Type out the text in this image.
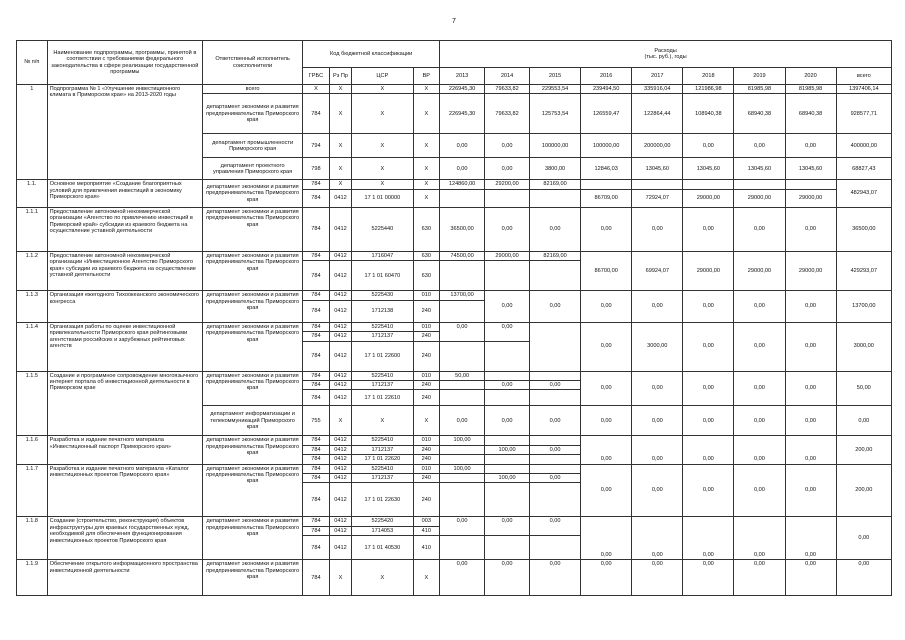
7
№ п/п	Наименование подпрограммы, программы, принятой в соответствии с требованиями федерального законодательства в сфере реализации государственной программы	Ответственный исполнитель соисполнители	Код бюджетной классификации				Расходы
(тыс. руб.), годы								
			ГРБС	Рз Пр	ЦСР	ВР	2013	2014	2015	2016	2017	2018	2019	2020	всего
1	Подпрограмма № 1 «Улучшение инвестиционного климата в Приморском крае» на 2013-2020 годы	всего	X	X	X	X	226945,30	79633,82	229553,54	239494,50	335916,04	121986,98	81985,98	81985,98	1397406,14
		департамент экономики и развития предпринимательства Приморского края	784	X	X	X	226945,30	79633,82	125753,54	126559,47	122864,44	108940,38	68940,38	68940,38	928577,71
		департамент промышленности Приморского края	794	X	X	X	0,00	0,00	100000,00	100000,00	200000,00	0,00	0,00	0,00	400000,00
		департамент проектного управления Приморского края	798	X	X	X	0,00	0,00	3800,00	12846,03	13045,60	13045,60	13045,60	13045,60	68827,43
1.1.	Основное мероприятие «Создание благоприятных условий для привлечения инвестиций в экономику Приморского края»	департамент экономики и развития предпринимательства Приморского края	784	X	X	X	124860,00	29200,00	82169,00						482943,07
			784	0412	17 1 01 00000	X				86709,00	72924,07	29000,00	29000,00	29000,00	
1.1.1	Предоставление автономной некоммерческой организации «Агентство по привлечению инвестиций в Приморский край» субсидии из краевого бюджета на осуществление уставной деятельности	департамент экономики и развития предпринимательства Приморского края	784	0412	5225440	630	36500,00	0,00	0,00	0,00	0,00	0,00	0,00	0,00	36500,00
1.1.2	Предоставление автономной некоммерческой организации «Инвестиционное Агентство Приморского края» субсидии из краевого бюджета на осуществление уставной деятельности	департамент экономики и развития предпринимательства Приморского края	784	0412	1716047	630	74500,00	29000,00	82169,00	86700,00	69924,07	29000,00	29000,00	29000,00	429293,07
			784	0412	17 1 01 60470	630									
1.1.3	Организация ежегодного Тихоокеанского экономического конгресса	департамент экономики и развития предпринимательства Приморского края	784	0412	5225430	010	13700,00	0,00	0,00	0,00	0,00	0,00	0,00	0,00	13700,00
			784	0412	1712138	240									
1.1.4	Организация работы по оценке инвестиционной привлекательности Приморского края рейтинговыми агентствами российских и зарубежных рейтинговых агентств	департамент экономики и развития предпринимательства Приморского края	784	0412	5225410	010	0,00	0,00		0,00	3000,00	0,00	0,00	0,00	3000,00
			784	0412	1712137	240									
			784	0412	17 1 01 22600	240									
1.1.5	Создание и программное сопровождение многоязычного интернет портала об инвестиционной деятельности в Приморском крае	департамент экономики и развития предпринимательства Приморского края	784	0412	5225410	010	50,00			0,00	0,00	0,00	0,00	0,00	50,00
			784	0412	1712137	240		0,00	0,00						
			784	0412	17 1 01 22610	240									
		департамент информатизации и телекоммуникаций Приморского края	755	X	X	X	0,00	0,00	0,00	0,00	0,00	0,00	0,00	0,00	0,00
1.1.6	Разработка и издание печатного материала «Инвестиционный паспорт Приморского края»	департамент экономики и развития предпринимательства Приморского края	784	0412	5225410	010	100,00			0,00	0,00	0,00	0,00	0,00	200,00
			784	0412	1712137	240		100,00	0,00						
			784	0412	17 1 01 22620	240									
1.1.7	Разработка и издание печатного материала «Каталог инвестиционных проектов Приморского края»	департамент экономики и развития предпринимательства Приморского края	784	0412	5225410	010	100,00			0,00	0,00	0,00	0,00	0,00	200,00
			784	0412	1712137	240		100,00	0,00						
			784	0412	17 1 01 22630	240									
1.1.8	Создание (строительство, реконструкция) объектов инфраструктуры для краевых государственных нужд, необходимой для обеспечения функционирования инвестиционных проектов Приморского края	департамент экономики и развития предпринимательства Приморского края	784	0412	5225420	003	0,00	0,00	0,00	0,00	0,00	0,00	0,00	0,00	0,00
			784	0412	1714053	410									
			784	0412	17 1 01 40530	410									
1.1.9	Обеспечение открытого информационного пространства инвестиционной деятельности	департамент экономики и развития предпринимательства Приморского края	784	X	X	X	0,00	0,00	0,00	0,00	0,00	0,00	0,00	0,00	0,00
